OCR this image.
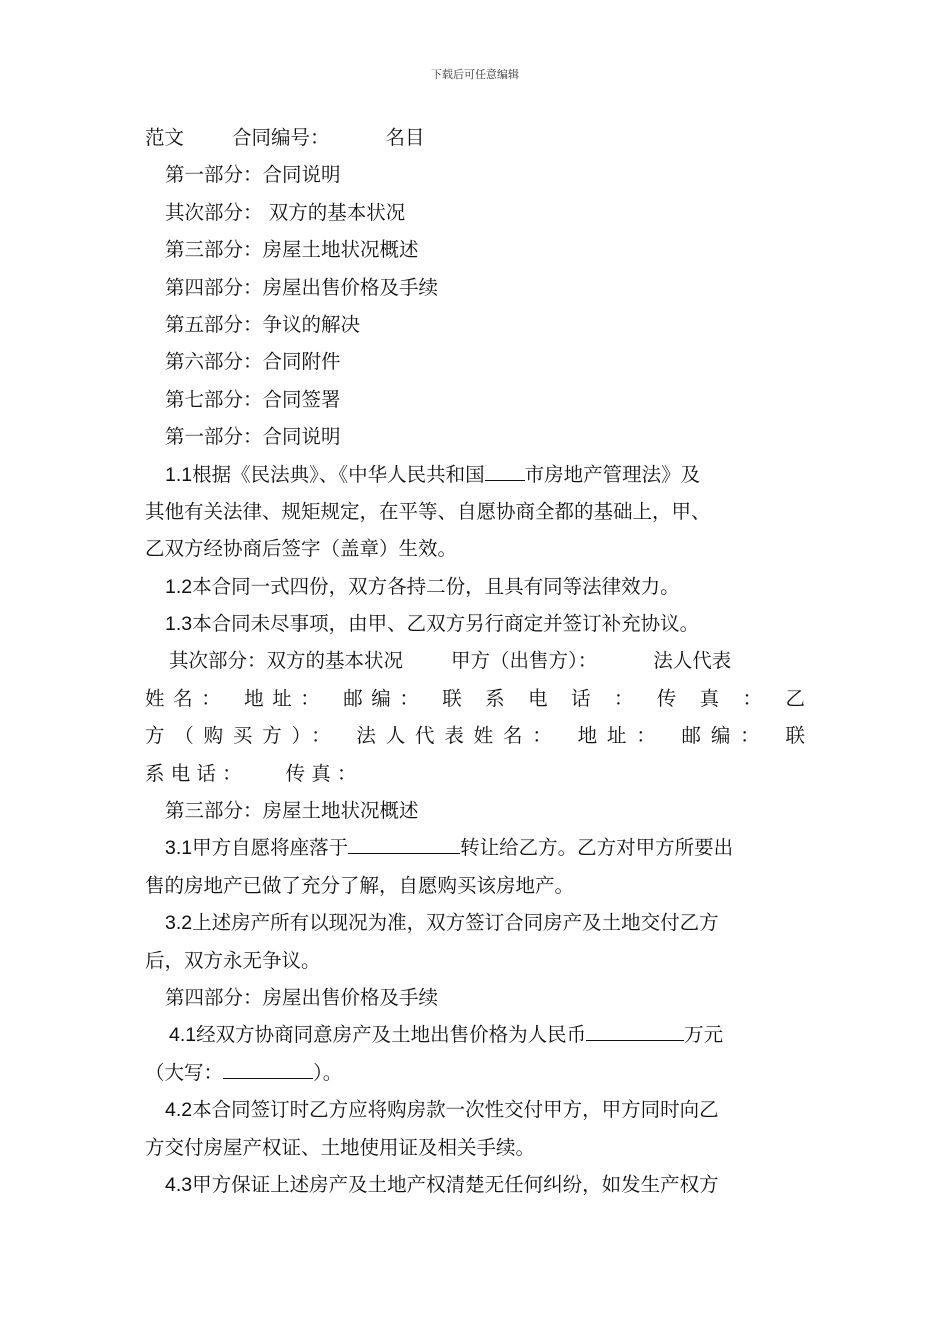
下载后可任意编辑
范文 合同编号：	名目
第一部分：合同说明
其次部分： 双方的基本状况
第三部分：房屋土地状况概述
第四部分：房屋出售价格及手续
第五部分：争议的解决
第六部分：合同附件
第七部分：合同签署
第一部分：合同说明
1.1根据《民法典》、《中华人民共和国 市房地产管理法》及
其他有关法律、规矩规定，在平等、自愿协商全都的基础上，甲、
乙双方经协商后签字（盖章）生效。
1.2本合同一式四份，双方各持二份，且具有同等法律效力。
1.3本合同未尽事项，由甲、乙双方另行商定并签订补充协议。
其次部分：双方的基本状况 甲方（出售方）：	法人代表
姓名： 地址： 邮编： 联 系 电 话 ： 传 真 ： 乙
方（购买方）： 法人代表姓名： 地址： 邮编： 联
系 电 话 ： 传 真 ：
第三部分：房屋土地状况概述
3.1甲方自愿将座落于	转让给乙方。乙方对甲方所要出
售的房地产已做了充分了解，自愿购买该房地产。
3.2上述房产所有以现况为准，双方签订合同房产及土地交付乙方
后，双方永无争议。
第四部分：房屋出售价格及手续
4.1经双方协商同意房产及土地出售价格为人民币	万元
（大写：	）。
4.2本合同签订时乙方应将购房款一次性交付甲方，甲方同时向乙
方交付房屋产权证、土地使用证及相关手续。
4.3甲方保证上述房产及土地产权清楚无任何纠纷，如发生产权方
